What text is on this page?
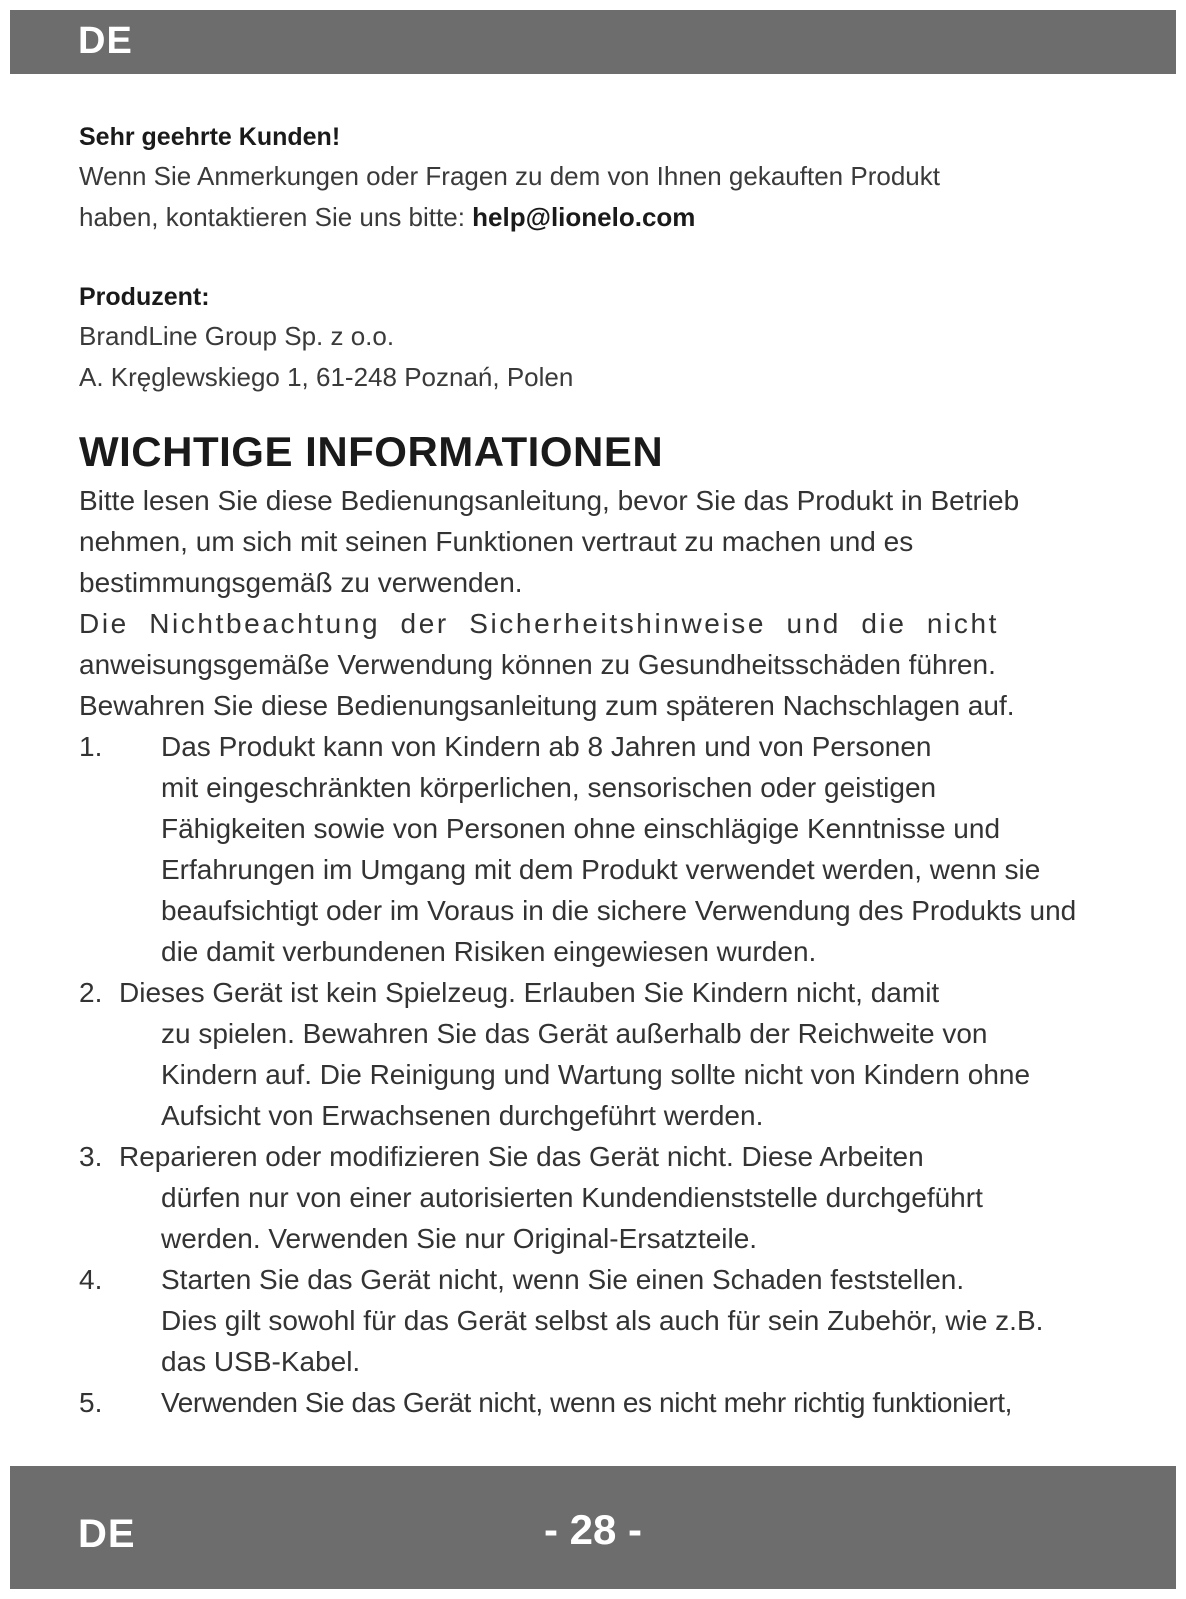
DE
Sehr geehrte Kunden!
Wenn Sie Anmerkungen oder Fragen zu dem von Ihnen gekauften Produkt
haben, kontaktieren Sie uns bitte: help@lionelo.com
Produzent:
BrandLine Group Sp. z o.o.
A. Kręglewskiego 1, 61-248 Poznań, Polen
WICHTIGE INFORMATIONEN
Bitte lesen Sie diese Bedienungsanleitung, bevor Sie das Produkt in Betrieb nehmen, um sich mit seinen Funktionen vertraut zu machen und es bestimmungsgemäß zu verwenden.
Die Nichtbeachtung der Sicherheitshinweise und die nicht
anweisungsgemäße Verwendung können zu Gesundheitsschäden führen.
Bewahren Sie diese Bedienungsanleitung zum späteren Nachschlagen auf.
1. Das Produkt kann von Kindern ab 8 Jahren und von Personen
mit eingeschränkten körperlichen, sensorischen oder geistigen Fähigkeiten sowie von Personen ohne einschlägige Kenntnisse und Erfahrungen im Umgang mit dem Produkt verwendet werden, wenn sie beaufsichtigt oder im Voraus in die sichere Verwendung des Produkts und die damit verbundenen Risiken eingewiesen wurden.
2. Dieses Gerät ist kein Spielzeug. Erlauben Sie Kindern nicht, damit
zu spielen. Bewahren Sie das Gerät außerhalb der Reichweite von Kindern auf. Die Reinigung und Wartung sollte nicht von Kindern ohne Aufsicht von Erwachsenen durchgeführt werden.
3. Reparieren oder modifizieren Sie das Gerät nicht. Diese Arbeiten
dürfen nur von einer autorisierten Kundendienststelle durchgeführt werden. Verwenden Sie nur Original-Ersatzteile.
4. Starten Sie das Gerät nicht, wenn Sie einen Schaden feststellen.
Dies gilt sowohl für das Gerät selbst als auch für sein Zubehör, wie z.B. das USB-Kabel.
5. Verwenden Sie das Gerät nicht, wenn es nicht mehr richtig funktioniert,
DE	- 28 -
